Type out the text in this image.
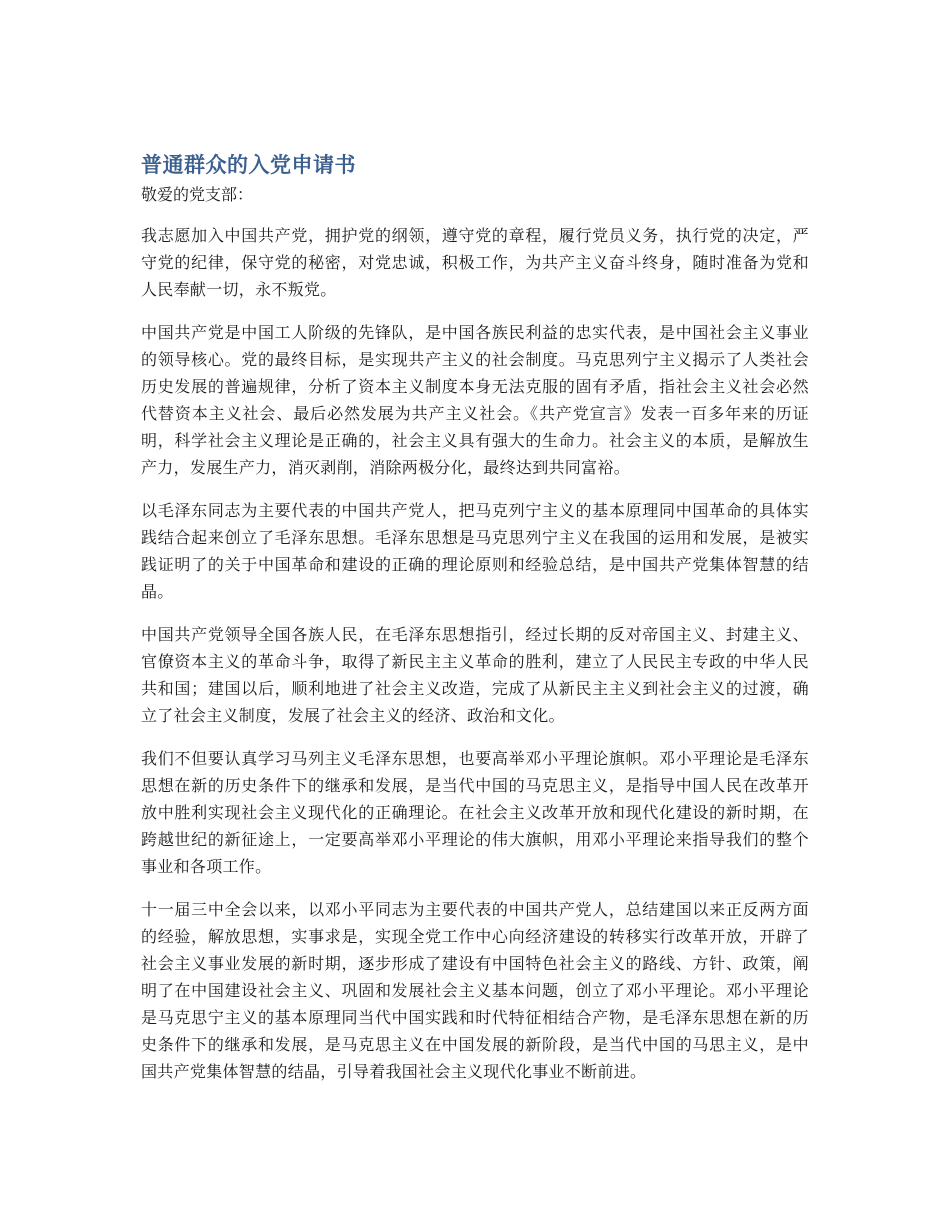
普通群众的入党申请书

敬爱的党支部：

我志愿加入中国共产党，拥护党的纲领，遵守党的章程，履行党员义务，执行党的决定，严守党的纪律，保守党的秘密，对党忠诚，积极工作，为共产主义奋斗终身，随时准备为党和人民奉献一切，永不叛党。

中国共产党是中国工人阶级的先锋队，是中国各族民利益的忠实代表，是中国社会主义事业的领导核心。党的最终目标，是实现共产主义的社会制度。马克思列宁主义揭示了人类社会历史发展的普遍规律，分析了资本主义制度本身无法克服的固有矛盾，指社会主义社会必然代替资本主义社会、最后必然发展为共产主义社会。《共产党宣言》发表一百多年来的历证明，科学社会主义理论是正确的，社会主义具有强大的生命力。社会主义的本质，是解放生产力，发展生产力，消灭剥削，消除两极分化，最终达到共同富裕。

以毛泽东同志为主要代表的中国共产党人，把马克列宁主义的基本原理同中国革命的具体实践结合起来创立了毛泽东思想。毛泽东思想是马克思列宁主义在我国的运用和发展，是被实践证明了的关于中国革命和建设的正确的理论原则和经验总结，是中国共产党集体智慧的结晶。

中国共产党领导全国各族人民，在毛泽东思想指引，经过长期的反对帝国主义、封建主义、官僚资本主义的革命斗争，取得了新民主主义革命的胜利，建立了人民民主专政的中华人民共和国；建国以后，顺利地进了社会主义改造，完成了从新民主主义到社会主义的过渡，确立了社会主义制度，发展了社会主义的经济、政治和文化。

我们不但要认真学习马列主义毛泽东思想，也要高举邓小平理论旗帜。邓小平理论是毛泽东思想在新的历史条件下的继承和发展，是当代中国的马克思主义，是指导中国人民在改革开放中胜利实现社会主义现代化的正确理论。在社会主义改革开放和现代化建设的新时期，在跨越世纪的新征途上，一定要高举邓小平理论的伟大旗帜，用邓小平理论来指导我们的整个事业和各项工作。

十一届三中全会以来，以邓小平同志为主要代表的中国共产党人，总结建国以来正反两方面的经验，解放思想，实事求是，实现全党工作中心向经济建设的转移实行改革开放，开辟了社会主义事业发展的新时期，逐步形成了建设有中国特色社会主义的路线、方针、政策，阐明了在中国建设社会主义、巩固和发展社会主义基本问题，创立了邓小平理论。邓小平理论是马克思宁主义的基本原理同当代中国实践和时代特征相结合产物，是毛泽东思想在新的历史条件下的继承和发展，是马克思主义在中国发展的新阶段，是当代中国的马思主义，是中国共产党集体智慧的结晶，引导着我国社会主义现代化事业不断前进。
